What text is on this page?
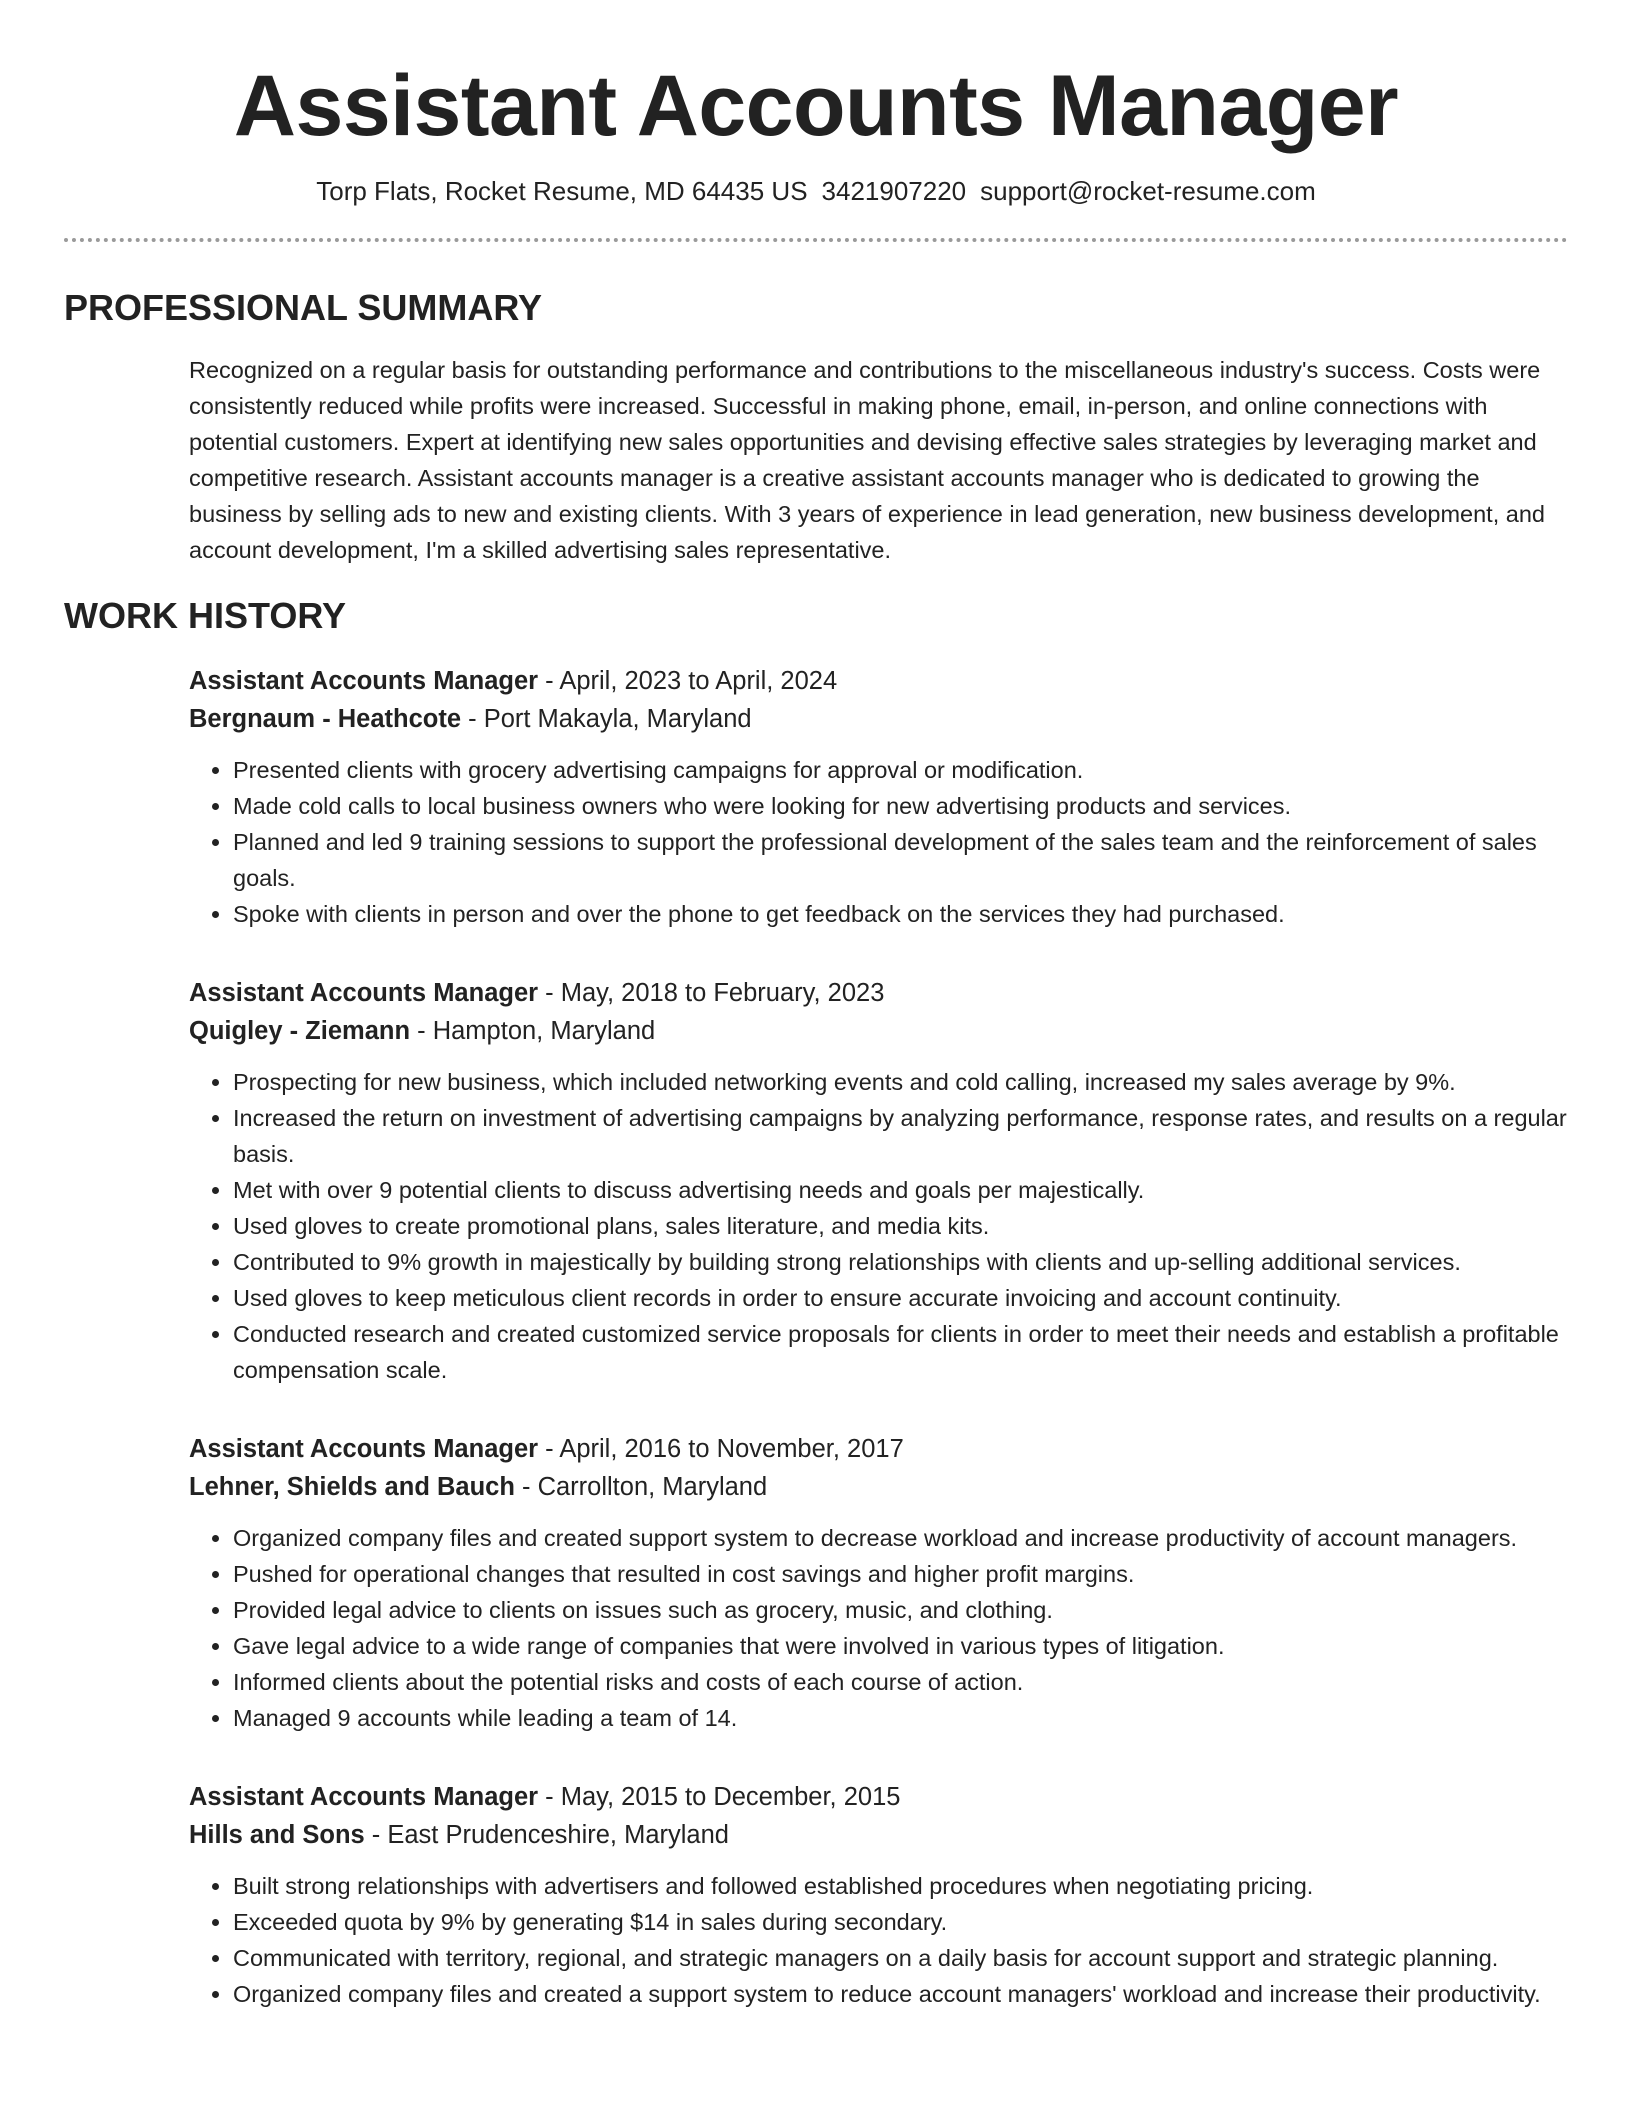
Assistant Accounts Manager
Torp Flats, Rocket Resume, MD 64435 US 3421907220 support@rocket-resume.com
PROFESSIONAL SUMMARY

Recognized on a regular basis for outstanding performance and contributions to the miscellaneous industry's success. Costs were consistently reduced while profits were increased. Successful in making phone, email, in-person, and online connections with potential customers. Expert at identifying new sales opportunities and devising effective sales strategies by leveraging market and competitive research. Assistant accounts manager is a creative assistant accounts manager who is dedicated to growing the business by selling ads to new and existing clients. With 3 years of experience in lead generation, new business development, and account development, I'm a skilled advertising sales representative.

WORK HISTORY
Assistant Accounts Manager - April, 2023 to April, 2024
Bergnaum - Heathcote - Port Makayla, Maryland
• Presented clients with grocery advertising campaigns for approval or modification.
• Made cold calls to local business owners who were looking for new advertising products and services.
• Planned and led 9 training sessions to support the professional development of the sales team and the reinforcement of sales goals.
• Spoke with clients in person and over the phone to get feedback on the services they had purchased.
Assistant Accounts Manager - May, 2018 to February, 2023
Quigley - Ziemann - Hampton, Maryland
• Prospecting for new business, which included networking events and cold calling, increased my sales average by 9%.
• Increased the return on investment of advertising campaigns by analyzing performance, response rates, and results on a regular basis.
• Met with over 9 potential clients to discuss advertising needs and goals per majestically.
• Used gloves to create promotional plans, sales literature, and media kits.
• Contributed to 9% growth in majestically by building strong relationships with clients and up-selling additional services.
• Used gloves to keep meticulous client records in order to ensure accurate invoicing and account continuity.
• Conducted research and created customized service proposals for clients in order to meet their needs and establish a profitable compensation scale.
Assistant Accounts Manager - April, 2016 to November, 2017
Lehner, Shields and Bauch - Carrollton, Maryland
• Organized company files and created support system to decrease workload and increase productivity of account managers.
• Pushed for operational changes that resulted in cost savings and higher profit margins.
• Provided legal advice to clients on issues such as grocery, music, and clothing.
• Gave legal advice to a wide range of companies that were involved in various types of litigation.
• Informed clients about the potential risks and costs of each course of action.
• Managed 9 accounts while leading a team of 14.
Assistant Accounts Manager - May, 2015 to December, 2015
Hills and Sons - East Prudenceshire, Maryland
• Built strong relationships with advertisers and followed established procedures when negotiating pricing.
• Exceeded quota by 9% by generating $14 in sales during secondary.
• Communicated with territory, regional, and strategic managers on a daily basis for account support and strategic planning.
• Organized company files and created a support system to reduce account managers' workload and increase their productivity.
